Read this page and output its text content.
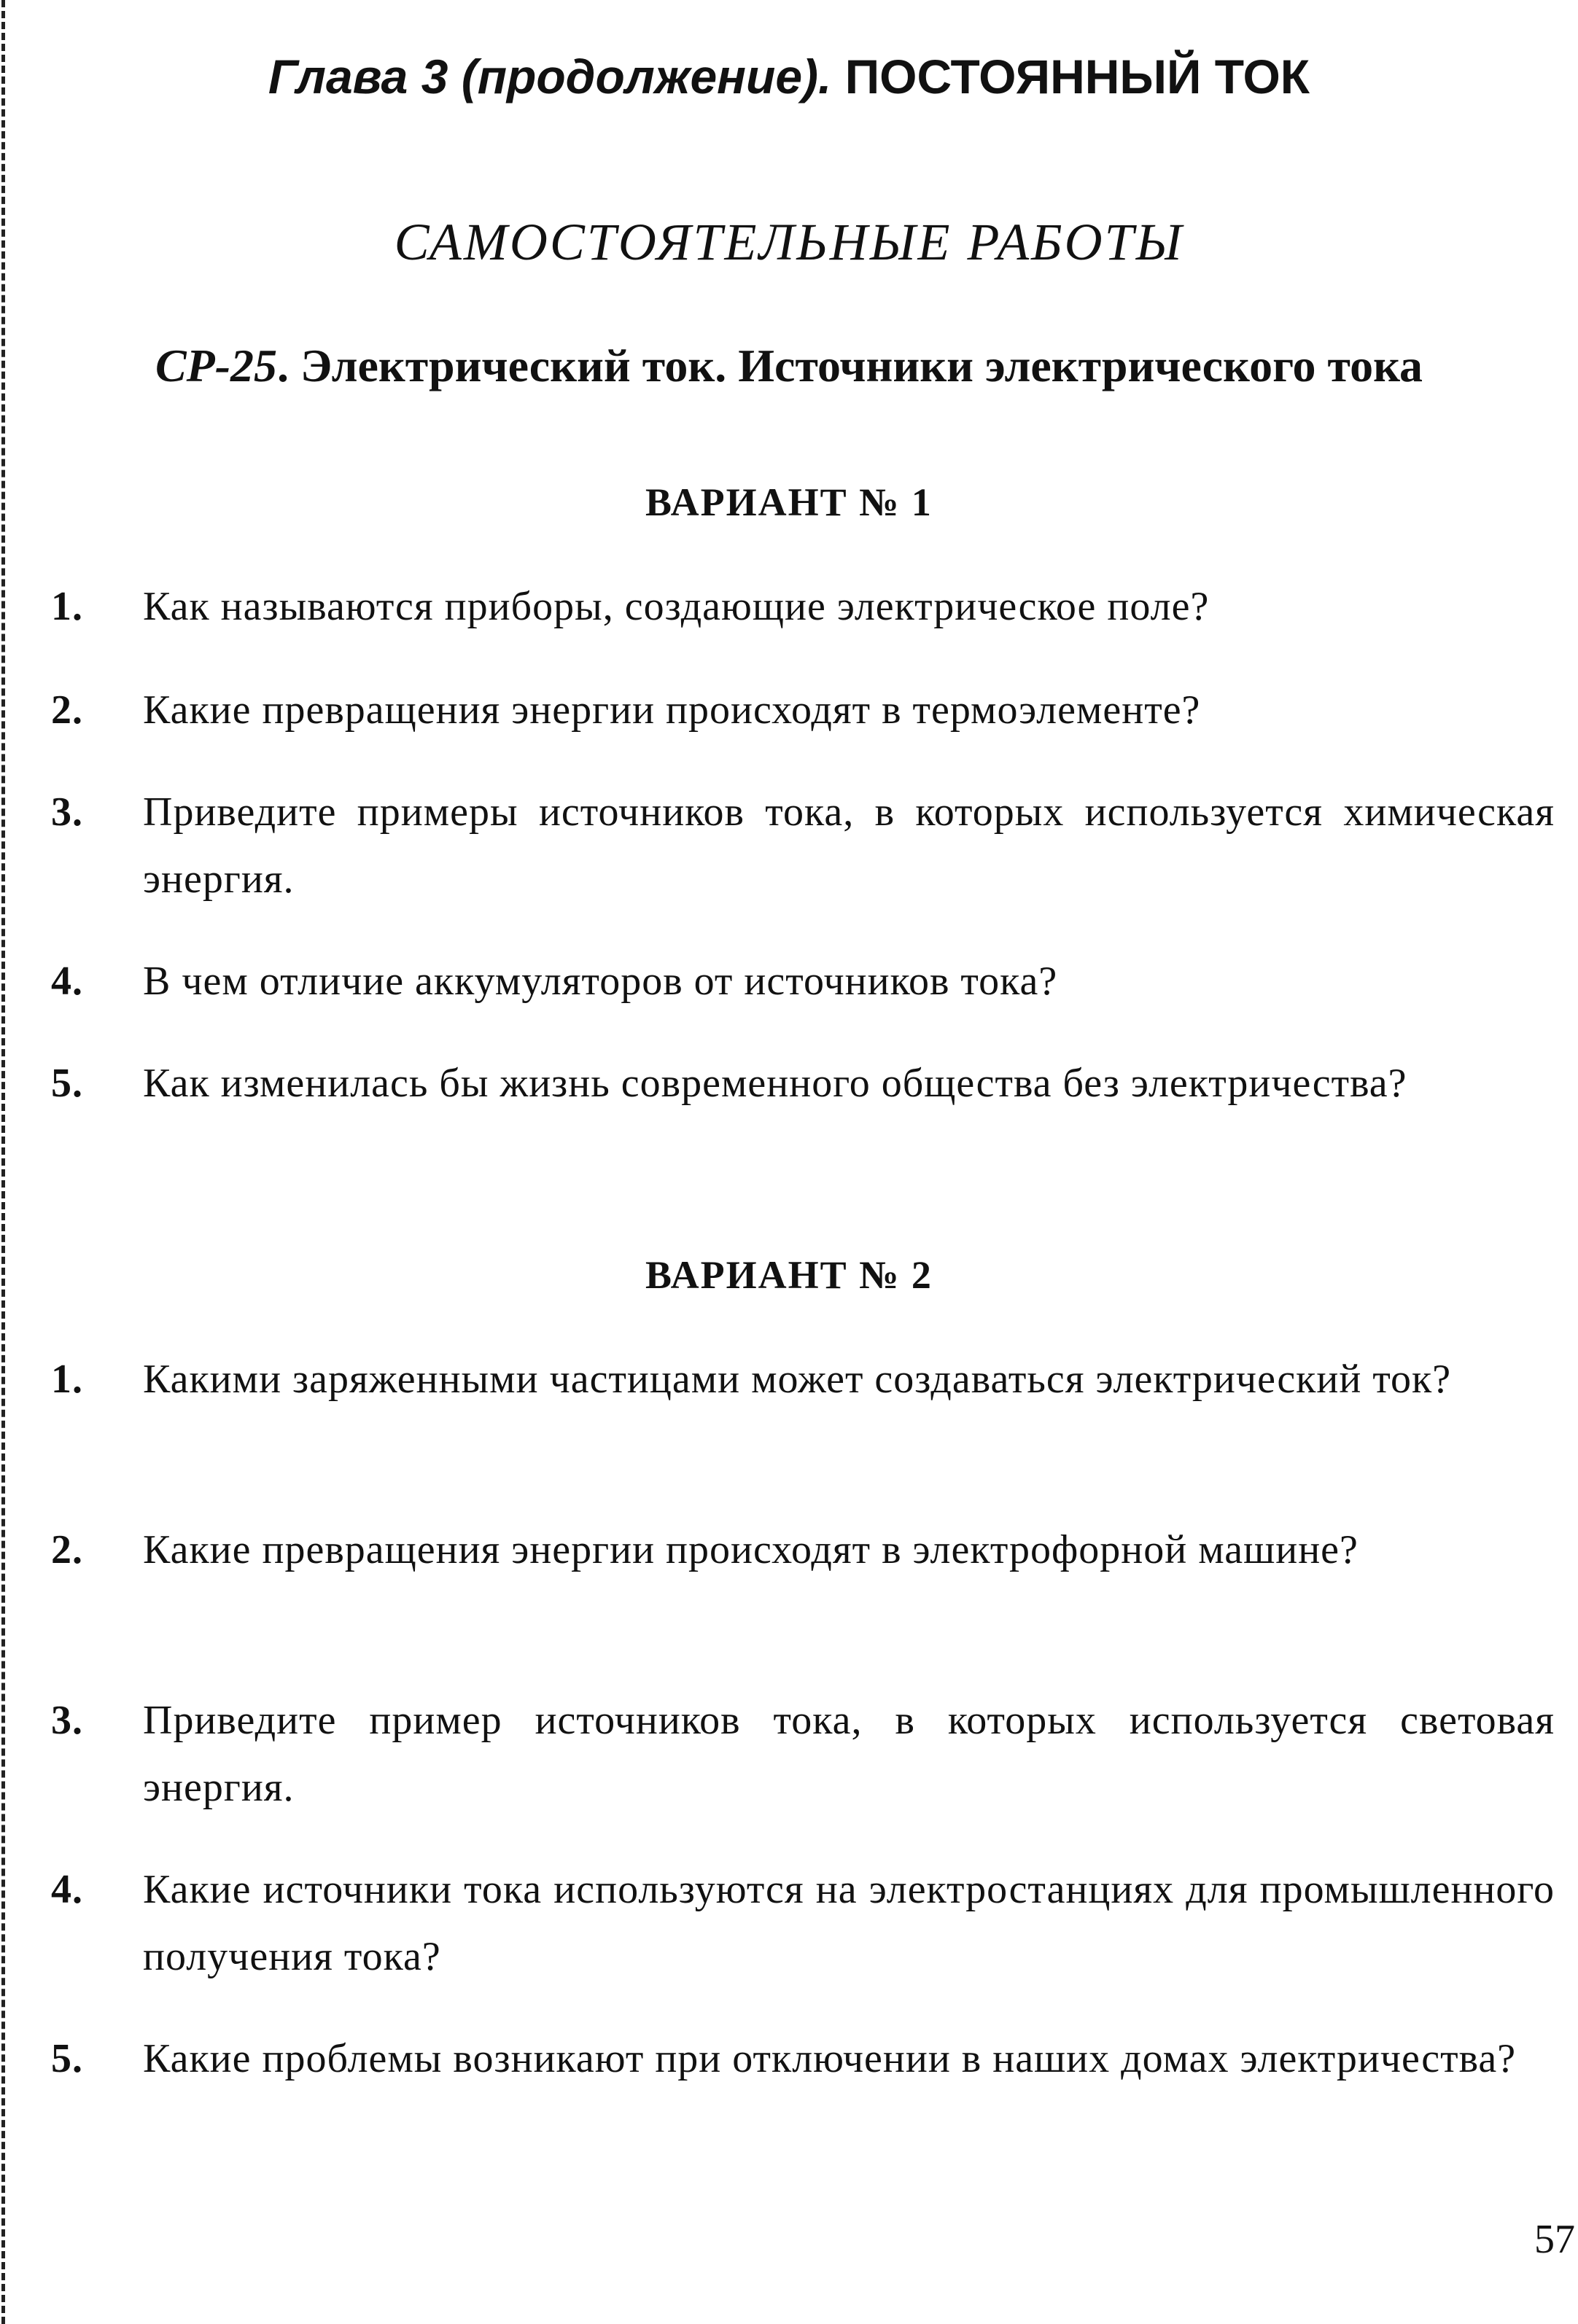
Глава 3 (продолжение). ПОСТОЯННЫЙ ТОК
САМОСТОЯТЕЛЬНЫЕ РАБОТЫ
СР-25. Электрический ток. Источники электрического тока
ВАРИАНТ № 1
1. Как называются приборы, создающие электрическое поле?
2. Какие превращения энергии происходят в термоэлементе?
3. Приведите примеры источников тока, в которых используется химическая энергия.
4. В чем отличие аккумуляторов от источников тока?
5. Как изменилась бы жизнь современного общества без электричества?
ВАРИАНТ № 2
1. Какими заряженными частицами может создаваться электрический ток?
2. Какие превращения энергии происходят в электрофорной машине?
3. Приведите пример источников тока, в которых используется световая энергия.
4. Какие источники тока используются на электростанциях для промышленного получения тока?
5. Какие проблемы возникают при отключении в наших домах электричества?
57
